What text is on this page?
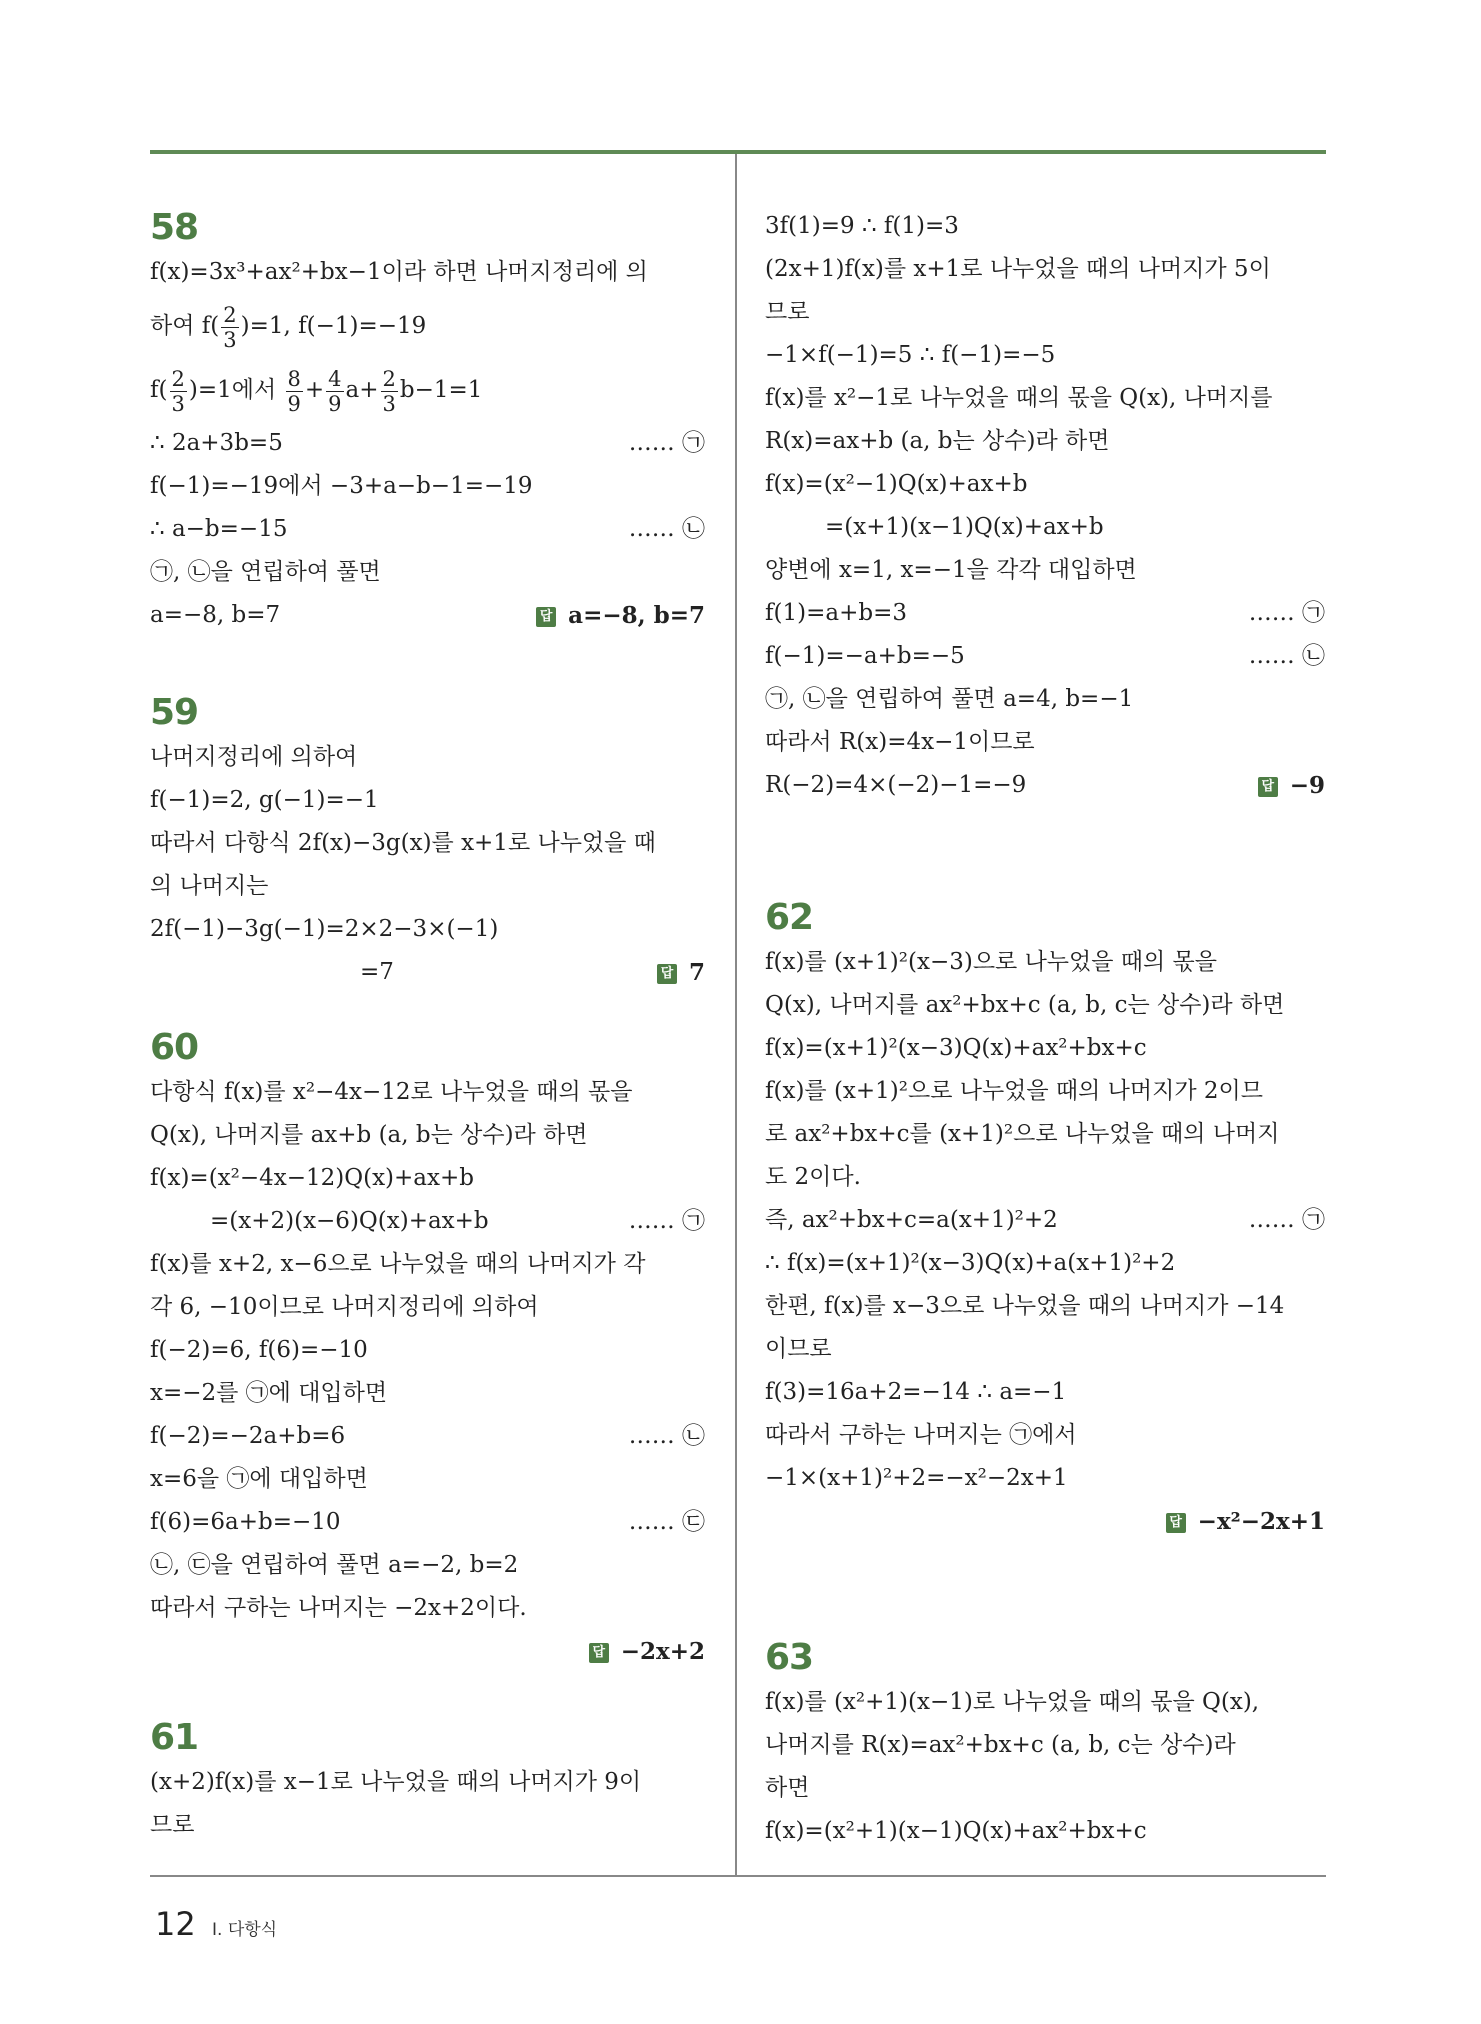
58
f(x)=3x³+ax²+bx−1이라 하면 나머지정리에 의
하여 $f( \frac{2}{3} )=1$, f(−1)=−19
$f( \frac{2}{3} )=1$에서 $\frac{8}{9} + \frac{4}{9} a+ \frac{2}{3} b-1=1$
∴ 2a+3b=5	…… ㉠
f(−1)=−19에서 −3+a−b−1=−19
∴ a−b=−15	…… ㉡
㉠, ㉡을 연립하여 풀면
a=−8, b=7	답 a=−8, b=7
59
나머지정리에 의하여
f(−1)=2, g(−1)=−1
따라서 다항식 2f(x)−3g(x)를 x+1로 나누었을 때
의 나머지는
2f(−1)−3g(−1)=2×2−3×(−1)
=7	답 7
60
다항식 f(x)를 x²−4x−12로 나누었을 때의 몫을
Q(x), 나머지를 ax+b (a, b는 상수)라 하면
f(x)=(x²−4x−12)Q(x)+ax+b
=(x+2)(x−6)Q(x)+ax+b	…… ㉠
f(x)를 x+2, x−6으로 나누었을 때의 나머지가 각
각 6, −10이므로 나머지정리에 의하여
f(−2)=6, f(6)=−10
x=−2를 ㉠에 대입하면
f(−2)=−2a+b=6	…… ㉡
x=6을 ㉠에 대입하면
f(6)=6a+b=−10	…… ㉢
㉡, ㉢을 연립하여 풀면 a=−2, b=2
따라서 구하는 나머지는 −2x+2이다.
답 −2x+2
61
(x+2)f(x)를 x−1로 나누었을 때의 나머지가 9이
므로
3f(1)=9 ∴ f(1)=3
(2x+1)f(x)를 x+1로 나누었을 때의 나머지가 5이
므로
−1×f(−1)=5 ∴ f(−1)=−5
f(x)를 x²−1로 나누었을 때의 몫을 Q(x), 나머지를
R(x)=ax+b (a, b는 상수)라 하면
f(x)=(x²−1)Q(x)+ax+b
=(x+1)(x−1)Q(x)+ax+b
양변에 x=1, x=−1을 각각 대입하면
f(1)=a+b=3	…… ㉠
f(−1)=−a+b=−5	…… ㉡
㉠, ㉡을 연립하여 풀면 a=4, b=−1
따라서 R(x)=4x−1이므로
R(−2)=4×(−2)−1=−9	답 −9
62
f(x)를 (x+1)²(x−3)으로 나누었을 때의 몫을
Q(x), 나머지를 ax²+bx+c (a, b, c는 상수)라 하면
f(x)=(x+1)²(x−3)Q(x)+ax²+bx+c
f(x)를 (x+1)²으로 나누었을 때의 나머지가 2이므
로 ax²+bx+c를 (x+1)²으로 나누었을 때의 나머지
도 2이다.
즉, ax²+bx+c=a(x+1)²+2	…… ㉠
∴ f(x)=(x+1)²(x−3)Q(x)+a(x+1)²+2
한편, f(x)를 x−3으로 나누었을 때의 나머지가 −14
이므로
f(3)=16a+2=−14 ∴ a=−1
따라서 구하는 나머지는 ㉠에서
−1×(x+1)²+2=−x²−2x+1
답 −x²−2x+1
63
f(x)를 (x²+1)(x−1)로 나누었을 때의 몫을 Q(x),
나머지를 R(x)=ax²+bx+c (a, b, c는 상수)라
하면
f(x)=(x²+1)(x−1)Q(x)+ax²+bx+c
12 Ⅰ. 다항식
